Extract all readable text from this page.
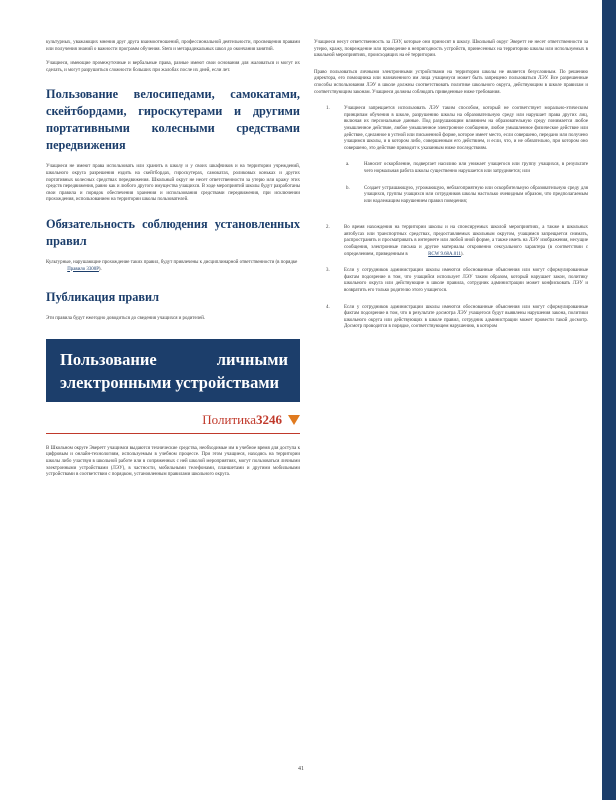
культурных, уважающих мнения друг друга взаимоотношений, профессиональной деятельности, просвещения правами или получения знаний о важности программ обучения. Stem и метарадикальных школ до окончания занятий.

Учащиеся, имеющие промежуточные и вербальные права, разные имеют свои основания для жаловаться и могут их сделать, и могут разрушиться сложности больших при жалобах после их дней, если лет.

Пользование велосипедами, самокатами, скейтбордами, гироскутерами и другими портативными колесными средствами передвижения

Учащиеся не имеют права использовать или хранить в школу и у своих шкафчиков и на территории учреждений, школьного округа разрешения ездить на скейтбордах, гироскутерах, самокатах, роликовых коньках и других портативных колесных средствах передвижения. Школьный округ не несет ответственности за утерю или кражу этих средств передвижения, равно как и любого другого имущества учащихся. В ходе мероприятий школы будут разработаны свои правила и порядок обеспечения хранения и использования средствами передвижения, при исключении прохождения, использованием на территории школы пользователей.

Обязательность соблюдения установленных правил
Культурные, нарушающие прохождение таких правил, будут привлечены к дисциплинарной ответственности (в порядке  Правило 3300P).
Публикация правил

Эти правила будут ежегодно доводиться до сведения учащихся и родителей.

Пользование личными электронными устройствами
Политика3246

В Школьном округе Эверетт учащимся выдаются технические средства, необходимые им в учебное время для доступа к цифровым и онлайн-технологиям, используемым в учебном процессе. При этом учащиеся, находясь на территории школы либо участвуя в школьной работе или в сопряженных с ней школой мероприятиях, могут пользоваться личными электронными устройствами (ЛЭУ), в частности, мобильными телефонами, планшетами и другими мобильными устройствами в соответствии с порядком, установленным правилами школьного округа.

Учащиеся несут ответственность за ЛЭУ, которые они приносят в школу. Школьный округ Эверетт не несет ответственности за утерю, кражу, повреждение или проведение в непригодность устройств, принесенных на территорию школы или используемых в школьной мероприятиях, происходящих на её территории.

Право пользоваться личными электронными устройствами на территории школы не является безусловным. По решению директора, его помощника или назначенного им лица учащемуся может быть запрещено пользоваться ЛЭУ. Все разрешенные способы использования ЛЭУ в школе должны соответствовать политике школьного округа, действующим в школе правилам и соответствующим законам. Учащиеся должны соблюдать приведенные ниже требования.

1.	Учащиеся запрещается использовать ЛЭУ таким способом, который не соответствует морально-этическим принципам обучения в школе, разрушению школы на образовательную среду или нарушает права других лиц, включая их персональные данные. Под разрушающим влиянием на образовательную среду понимается любое умышленное действие, любое умышленное электронное сообщение, любое умышленное физическое действие или действие, сделанное в устной или письменной форме, которое имеет место, если совершено, передано или получено учащимся школы, и в котором либо, совершенным его действием, и если, что, и не обязательно, при котором оно совершено, это действие приводит к указанным ниже последствиям.
a.	Наносит оскорбление, подвергает насилию или унижает учащегося или группу учащихся, в результате чего нормальная работа школы существенно нарушается или затрудняется; или
b.	Создает устрашающую, угрожающую, неблагоприятную или оскорбительную образовательную среду для учащихся, группы учащихся или сотрудников школы настолько очевидным образом, что предполагаемым или надлежащим нарушением правил поведения;
2.	Во время нахождения на территории школы и на спонсируемых школой мероприятиях, а также в школьных автобусах или транспортных средствах, предоставляемых школьным округом, учащимся запрещается снимать, распространять и просматривать в интернете или любой иной форме, а также иметь на ЛЭУ изображения, несущие сообщения, электронные письма и другие материалы откровенно сексуального характера (в соответствии с определением, приведенным в	RCW 9.68A.011).
3.	Если у сотрудников администрации школы имеются обоснованные объяснения или могут сформулированные фактам подозрение в том, что учащийся использует ЛЭУ таким образом, который нарушает закон, политику школьного округа или действующие в школе правила, сотрудник администрации может конфисковать ЛЭУ и возвратить его только родителю этого учащегося.
4.	Если у сотрудников администрации школы имеются обоснованные объяснения или могут сформулированные фактам подозрение в том, что в результате досмотра ЛЭУ учащегося будут выявлены нарушения закона, политики школьного округа или действующих в школе правил, сотрудник администрации может провести такой досмотр. Досмотр проводится в порядке, соответствующем нарушению, в котором
41
